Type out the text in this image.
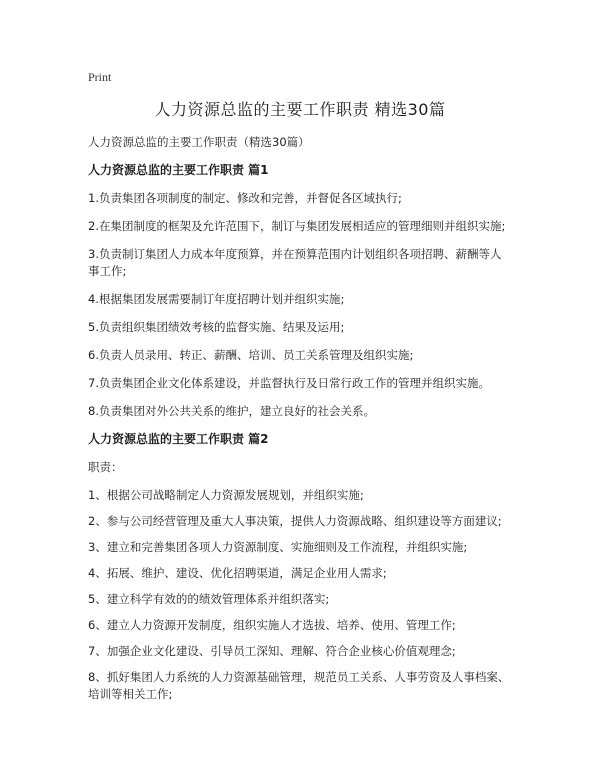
Print
人力资源总监的主要工作职责 精选30篇
人力资源总监的主要工作职责（精选30篇）
人力资源总监的主要工作职责 篇1
1.负责集团各项制度的制定、修改和完善，并督促各区域执行;
2.在集团制度的框架及允许范围下，制订与集团发展相适应的管理细则并组织实施;
3.负责制订集团人力成本年度预算，并在预算范围内计划组织各项招聘、薪酬等人事工作;
4.根据集团发展需要制订年度招聘计划并组织实施;
5.负责组织集团绩效考核的监督实施、结果及运用;
6.负责人员录用、转正、薪酬、培训、员工关系管理及组织实施;
7.负责集团企业文化体系建设，并监督执行及日常行政工作的管理并组织实施。
8.负责集团对外公共关系的维护，建立良好的社会关系。
人力资源总监的主要工作职责 篇2
职责：
1、根据公司战略制定人力资源发展规划，并组织实施;
2、参与公司经营管理及重大人事决策，提供人力资源战略、组织建设等方面建议;
3、建立和完善集团各项人力资源制度、实施细则及工作流程，并组织实施;
4、拓展、维护、建设、优化招聘渠道，满足企业用人需求;
5、建立科学有效的的绩效管理体系并组织落实;
6、建立人力资源开发制度，组织实施人才选拔、培养、使用、管理工作;
7、加强企业文化建设、引导员工深知、理解、符合企业核心价值观理念;
8、抓好集团人力系统的人力资源基础管理，规范员工关系、人事劳资及人事档案、培训等相关工作;
